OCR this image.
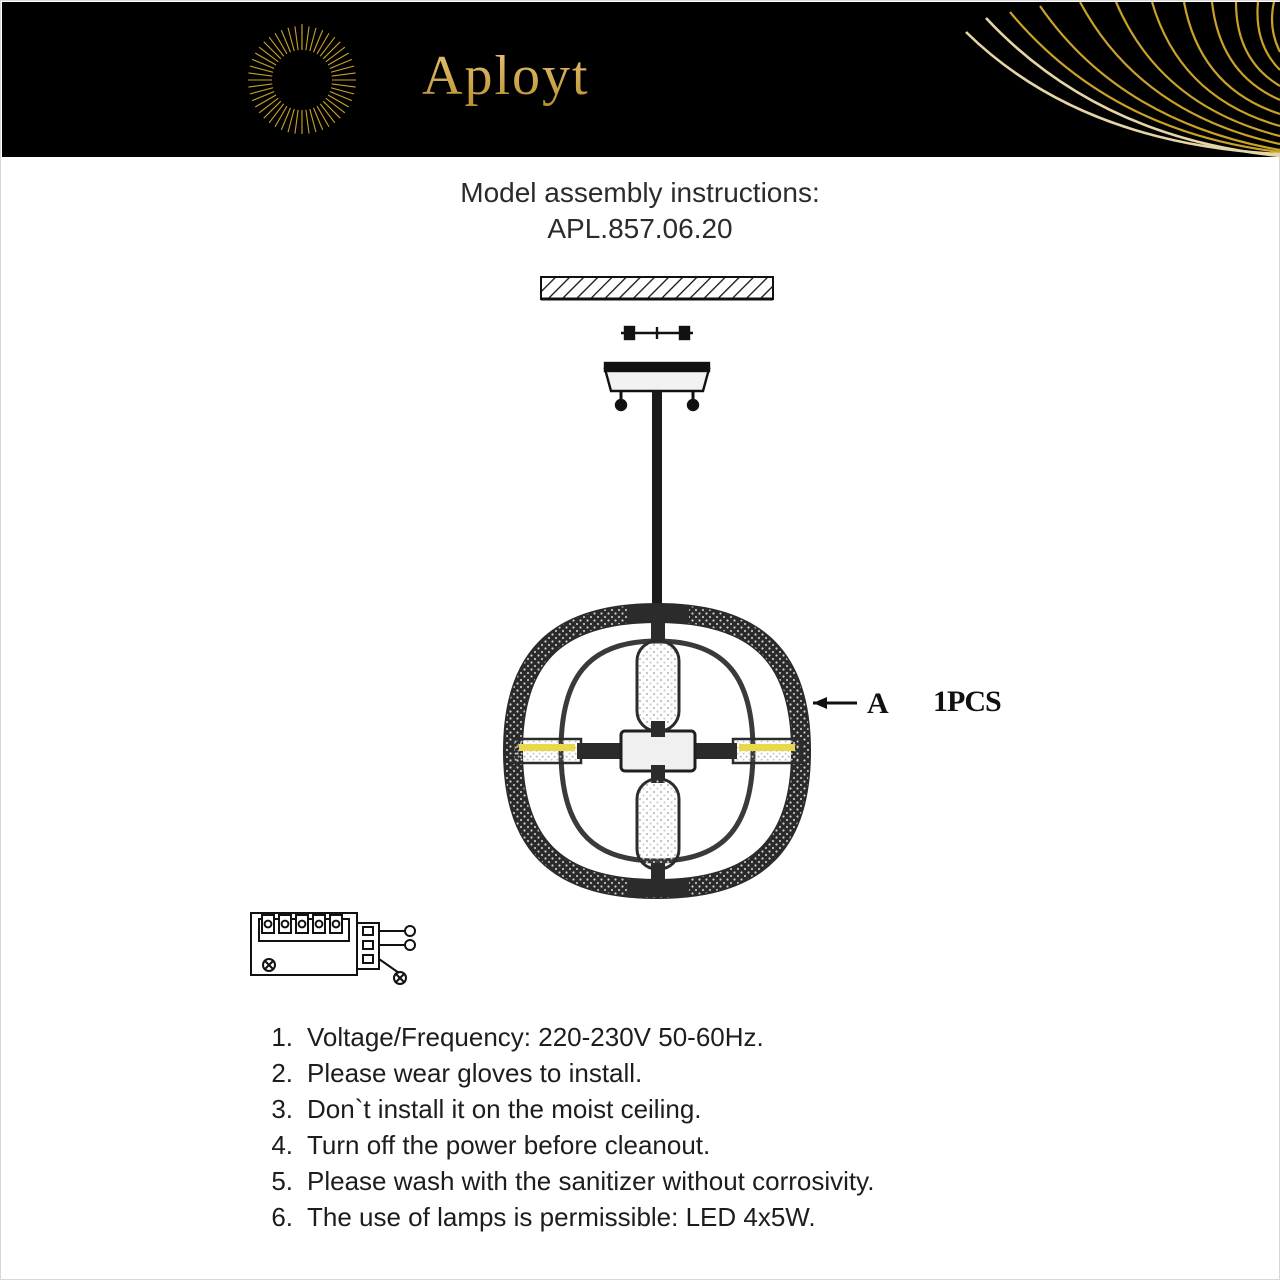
Aployt
Model assembly instructions:
APL.857.06.20
A 1PCS
1. Voltage/Frequency: 220-230V 50-60Hz.
2. Please wear gloves to install.
3. Don`t install it on the moist ceiling.
4. Turn off the power before cleanout.
5. Please wash with the sanitizer without corrosivity.
6. The use of lamps is permissible: LED 4x5W.
